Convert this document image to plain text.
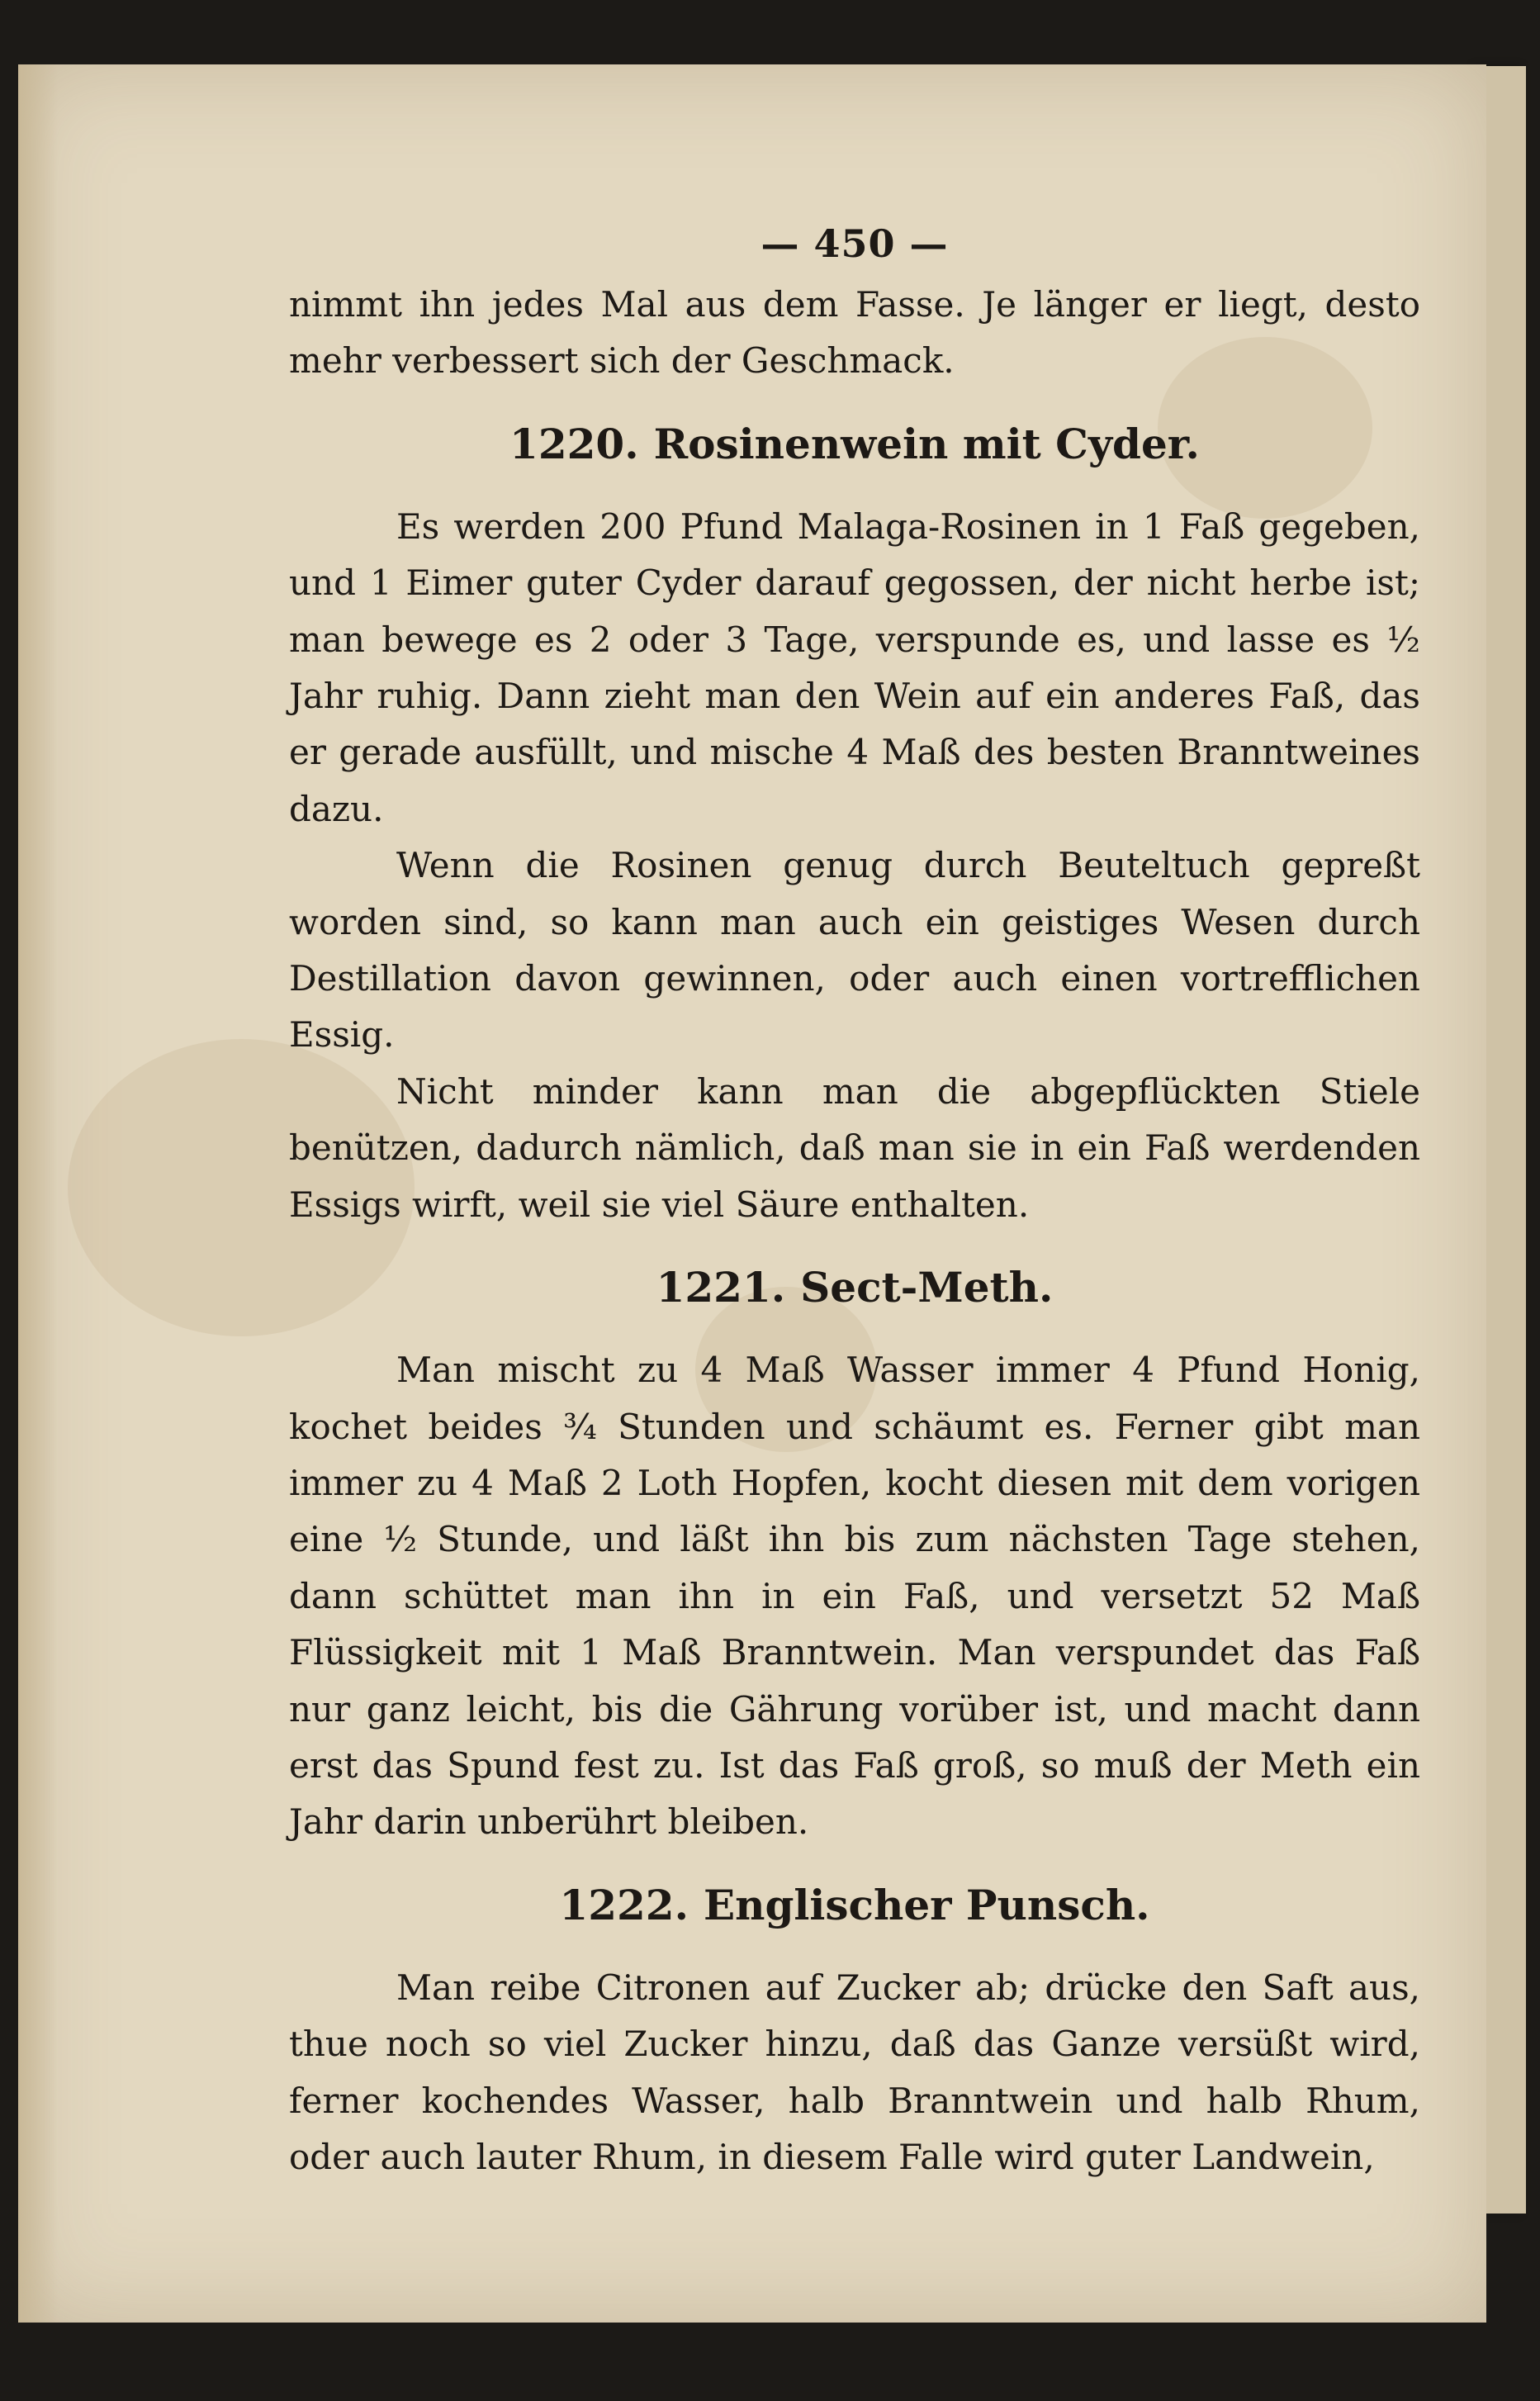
— 450 —

nimmt ihn jedes Mal aus dem Fasse. Je länger er liegt, desto mehr verbessert sich der Geschmack.

1220. Rosinenwein mit Cyder.

Es werden 200 Pfund Malaga-Rosinen in 1 Faß gegeben, und 1 Eimer guter Cyder darauf gegossen, der nicht herbe ist; man bewege es 2 oder 3 Tage, verspunde es, und lasse es ½ Jahr ruhig. Dann zieht man den Wein auf ein anderes Faß, das er gerade ausfüllt, und mische 4 Maß des besten Branntweines dazu.

Wenn die Rosinen genug durch Beuteltuch gepreßt worden sind, so kann man auch ein geistiges Wesen durch Destillation davon gewinnen, oder auch einen vortrefflichen Essig.

Nicht minder kann man die abgepflückten Stiele benützen, dadurch nämlich, daß man sie in ein Faß werdenden Essigs wirft, weil sie viel Säure enthalten.

1221. Sect-Meth.

Man mischt zu 4 Maß Wasser immer 4 Pfund Honig, kochet beides ¾ Stunden und schäumt es. Ferner gibt man immer zu 4 Maß 2 Loth Hopfen, kocht diesen mit dem vorigen eine ½ Stunde, und läßt ihn bis zum nächsten Tage stehen, dann schüttet man ihn in ein Faß, und versetzt 52 Maß Flüssigkeit mit 1 Maß Branntwein. Man verspundet das Faß nur ganz leicht, bis die Gährung vorüber ist, und macht dann erst das Spund fest zu. Ist das Faß groß, so muß der Meth ein Jahr darin unberührt bleiben.

1222. Englischer Punsch.

Man reibe Citronen auf Zucker ab; drücke den Saft aus, thue noch so viel Zucker hinzu, daß das Ganze versüßt wird, ferner kochendes Wasser, halb Branntwein und halb Rhum, oder auch lauter Rhum, in diesem Falle wird guter Landwein,
